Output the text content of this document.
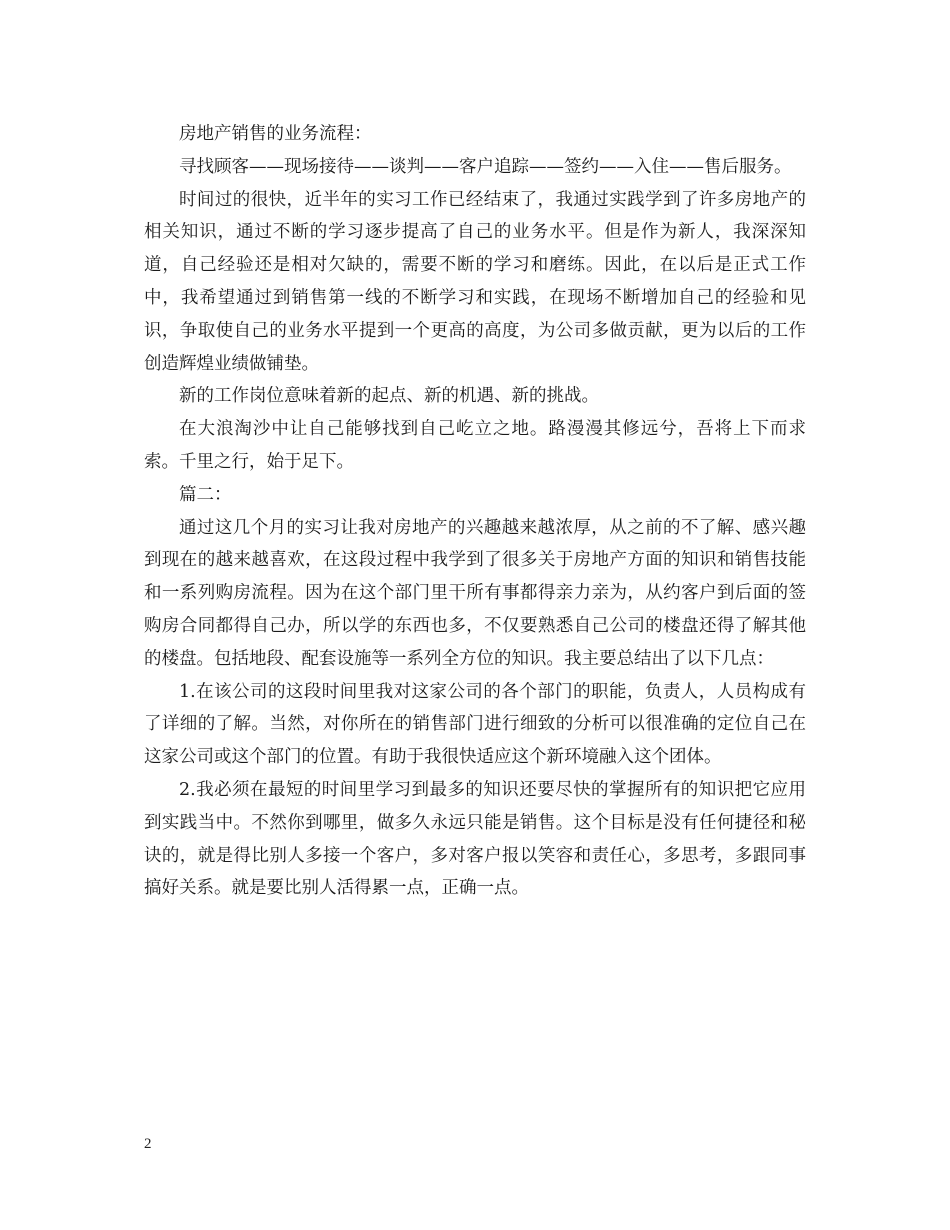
房地产销售的业务流程：

寻找顾客——现场接待——谈判——客户追踪——签约——入住——售后服务。

时间过的很快，近半年的实习工作已经结束了，我通过实践学到了许多房地产的相关知识，通过不断的学习逐步提高了自己的业务水平。但是作为新人，我深深知道，自己经验还是相对欠缺的，需要不断的学习和磨练。因此，在以后是正式工作中，我希望通过到销售第一线的不断学习和实践，在现场不断增加自己的经验和见识，争取使自己的业务水平提到一个更高的高度，为公司多做贡献，更为以后的工作创造辉煌业绩做铺垫。

新的工作岗位意味着新的起点、新的机遇、新的挑战。

在大浪淘沙中让自己能够找到自己屹立之地。路漫漫其修远兮，吾将上下而求索。千里之行，始于足下。

篇二：

通过这几个月的实习让我对房地产的兴趣越来越浓厚，从之前的不了解、感兴趣到现在的越来越喜欢，在这段过程中我学到了很多关于房地产方面的知识和销售技能和一系列购房流程。因为在这个部门里干所有事都得亲力亲为，从约客户到后面的签购房合同都得自己办，所以学的东西也多，不仅要熟悉自己公司的楼盘还得了解其他的楼盘。包括地段、配套设施等一系列全方位的知识。我主要总结出了以下几点：

1.在该公司的这段时间里我对这家公司的各个部门的职能，负责人，人员构成有了详细的了解。当然，对你所在的销售部门进行细致的分析可以很准确的定位自己在这家公司或这个部门的位置。有助于我很快适应这个新环境融入这个团体。

2.我必须在最短的时间里学习到最多的知识还要尽快的掌握所有的知识把它应用到实践当中。不然你到哪里，做多久永远只能是销售。这个目标是没有任何捷径和秘诀的，就是得比别人多接一个客户，多对客户报以笑容和责任心，多思考，多跟同事搞好关系。就是要比别人活得累一点，正确一点。

2
